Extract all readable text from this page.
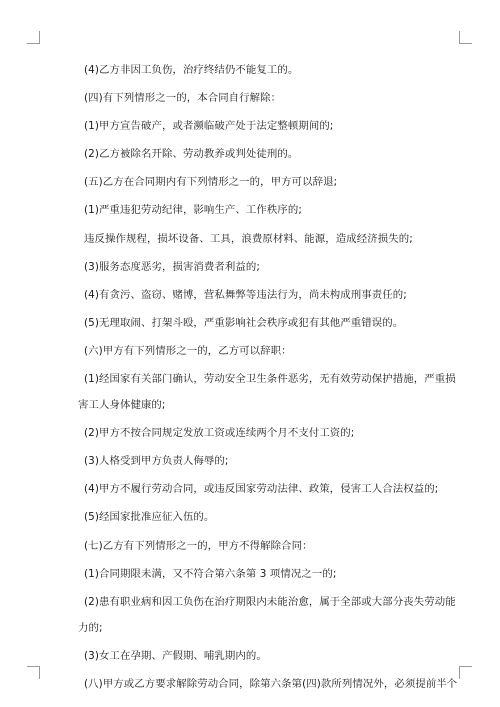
(4)乙方非因工负伤，治疗终结仍不能复工的。
(四)有下列情形之一的，本合同自行解除：
(1)甲方宣告破产，或者濒临破产处于法定整顿期间的;
(2)乙方被除名开除、劳动教养或判处徒刑的。
(五)乙方在合同期内有下列情形之一的，甲方可以辞退;
(1)严重违犯劳动纪律，影响生产、工作秩序的;
违反操作规程，损坏设备、工具，浪费原材料、能源，造成经济损失的;
(3)服务态度恶劣，损害消费者利益的;
(4)有贪污、盗窃、赌博，营私舞弊等违法行为，尚未构成刑事责任的;
(5)无理取闹、打架斗殴，严重影响社会秩序或犯有其他严重错误的。
(六)甲方有下列情形之一的，乙方可以辞职：
(1)经国家有关部门确认，劳动安全卫生条件恶劣，无有效劳动保护措施，严重损
害工人身体健康的;
(2)甲方不按合同规定发放工资或连续两个月不支付工资的;
(3)人格受到甲方负责人侮辱的;
(4)甲方不履行劳动合同，或违反国家劳动法律、政策，侵害工人合法权益的;
(5)经国家批准应征入伍的。
(七)乙方有下列情形之一的，甲方不得解除合同：
(1)合同期限未满，又不符合第六条第 3 项情况之一的;
(2)患有职业病和因工负伤在治疗期限内未能治愈，属于全部或大部分丧失劳动能
力的;
(3)女工在孕期、产假期、哺乳期内的。
(八)甲方或乙方要求解除劳动合同，除第六条第(四)款所列情况外，必须提前半个
